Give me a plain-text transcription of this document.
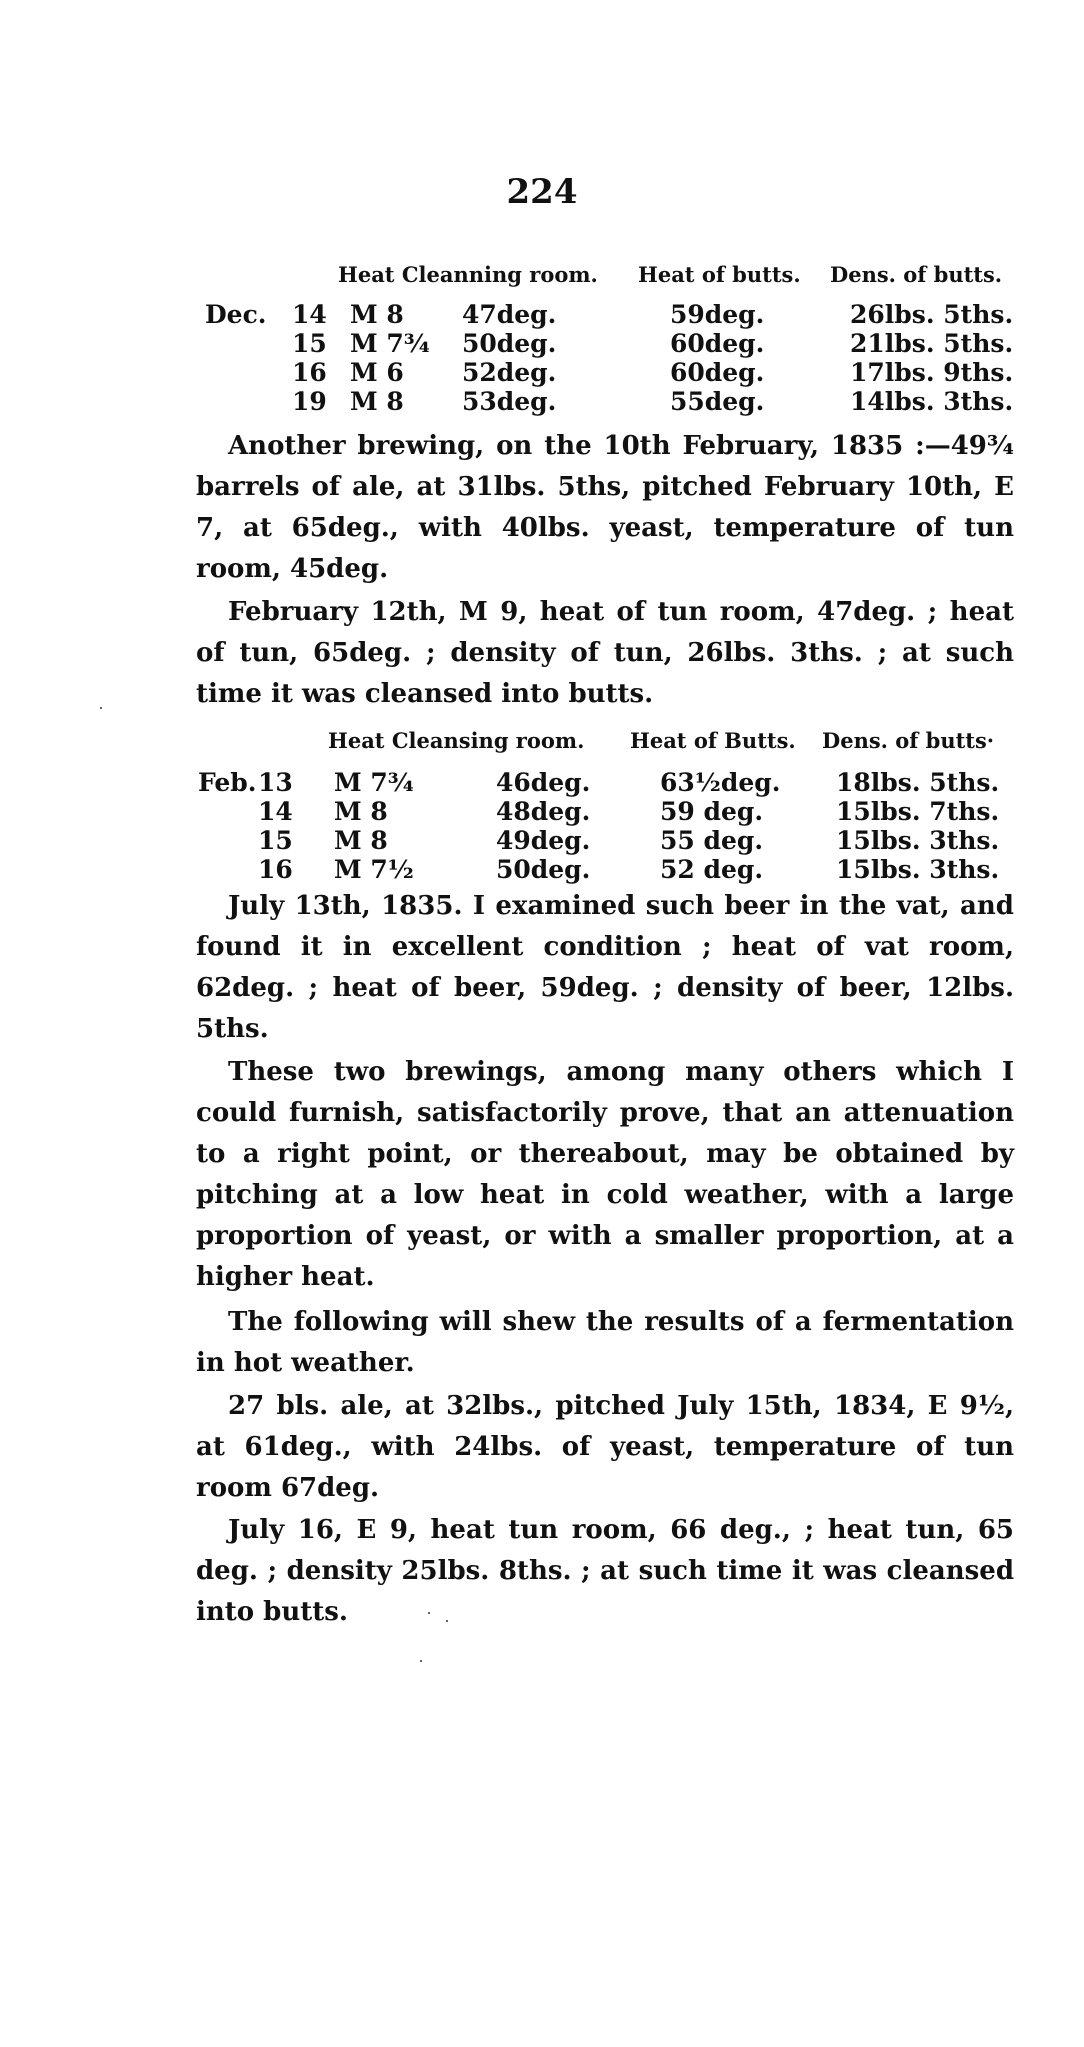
224
Heat Cleanning room. Heat of butts. Dens. of butts.
Dec. 14 M 8 47deg.	59deg.	26lbs. 5ths.
15 M 7¾ 50deg.	60deg.	21lbs. 5ths.
16 M 6 52deg.	60deg.	17lbs. 9ths.
19 M 8 53deg.	55deg.	14lbs. 3ths.

Another brewing, on the 10th February, 1835 :—49¾ barrels of ale, at 31lbs. 5ths, pitched February 10th, E 7, at 65deg., with 40lbs. yeast, temperature of tun room, 45deg.

February 12th, M 9, heat of tun room, 47deg. ; heat of tun, 65deg. ; density of tun, 26lbs. 3ths. ; at such time it was cleansed into butts.

Heat Cleansing room. Heat of Butts. Dens. of butts·
Feb. 13 M 7¾	46deg.	63½deg. 18lbs. 5ths.
14 M 8	48deg.	59 deg.	15lbs. 7ths.
15 M 8	49deg.	55 deg.	15lbs. 3ths.
16 M 7½	50deg.	52 deg.	15lbs. 3ths.

July 13th, 1835. I examined such beer in the vat, and found it in excellent condition ; heat of vat room, 62deg. ; heat of beer, 59deg. ; density of beer, 12lbs. 5ths.

These two brewings, among many others which I could furnish, satisfactorily prove, that an attenuation to a right point, or thereabout, may be obtained by pitching at a low heat in cold weather, with a large proportion of yeast, or with a smaller proportion, at a higher heat.

The following will shew the results of a fermentation in hot weather.

27 bls. ale, at 32lbs., pitched July 15th, 1834, E 9½, at 61deg., with 24lbs. of yeast, temperature of tun room 67deg.

July 16, E 9, heat tun room, 66 deg., ; heat tun, 65 deg. ; density 25lbs. 8ths. ; at such time it was cleansed into butts.
